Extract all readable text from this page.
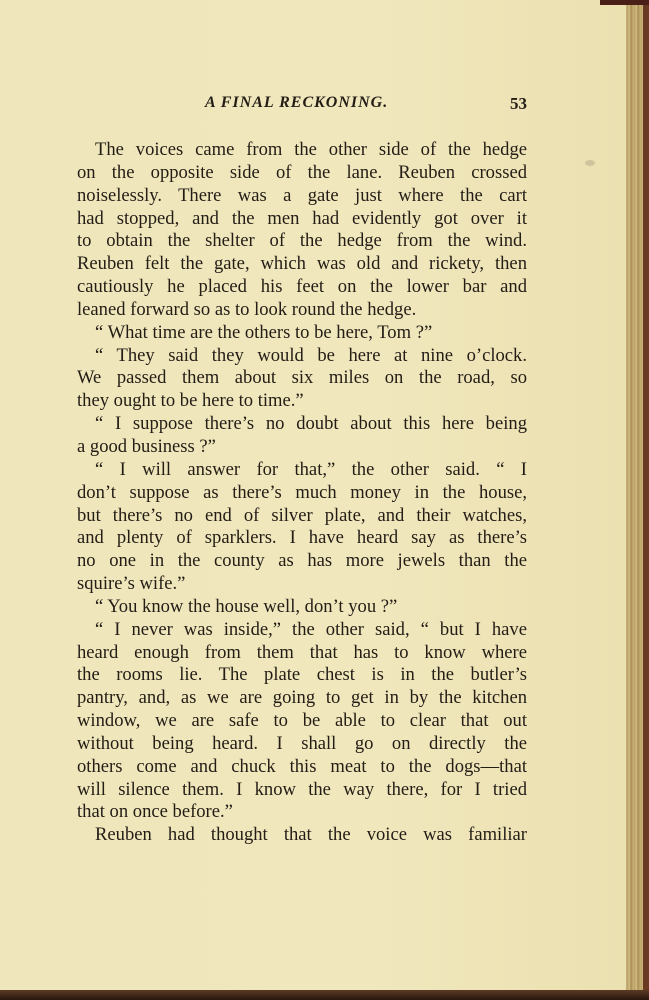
A FINAL RECKONING.	53
The voices came from the other side of the hedge
on the opposite side of the lane. Reuben crossed
noiselessly. There was a gate just where the cart
had stopped, and the men had evidently got over it
to obtain the shelter of the hedge from the wind.
Reuben felt the gate, which was old and rickety, then
cautiously he placed his feet on the lower bar and
leaned forward so as to look round the hedge.
“ What time are the others to be here, Tom ?”
“ They said they would be here at nine o’clock.
We passed them about six miles on the road, so
they ought to be here to time.”
“ I suppose there’s no doubt about this here being
a good business ?”
“ I will answer for that,” the other said. “ I
don’t suppose as there’s much money in the house,
but there’s no end of silver plate, and their watches,
and plenty of sparklers. I have heard say as there’s
no one in the county as has more jewels than the
squire’s wife.”
“ You know the house well, don’t you ?”
“ I never was inside,” the other said, “ but I have
heard enough from them that has to know where
the rooms lie. The plate chest is in the butler’s
pantry, and, as we are going to get in by the kitchen
window, we are safe to be able to clear that out
without being heard. I shall go on directly the
others come and chuck this meat to the dogs—that
will silence them. I know the way there, for I tried
that on once before.”
Reuben had thought that the voice was familiar
